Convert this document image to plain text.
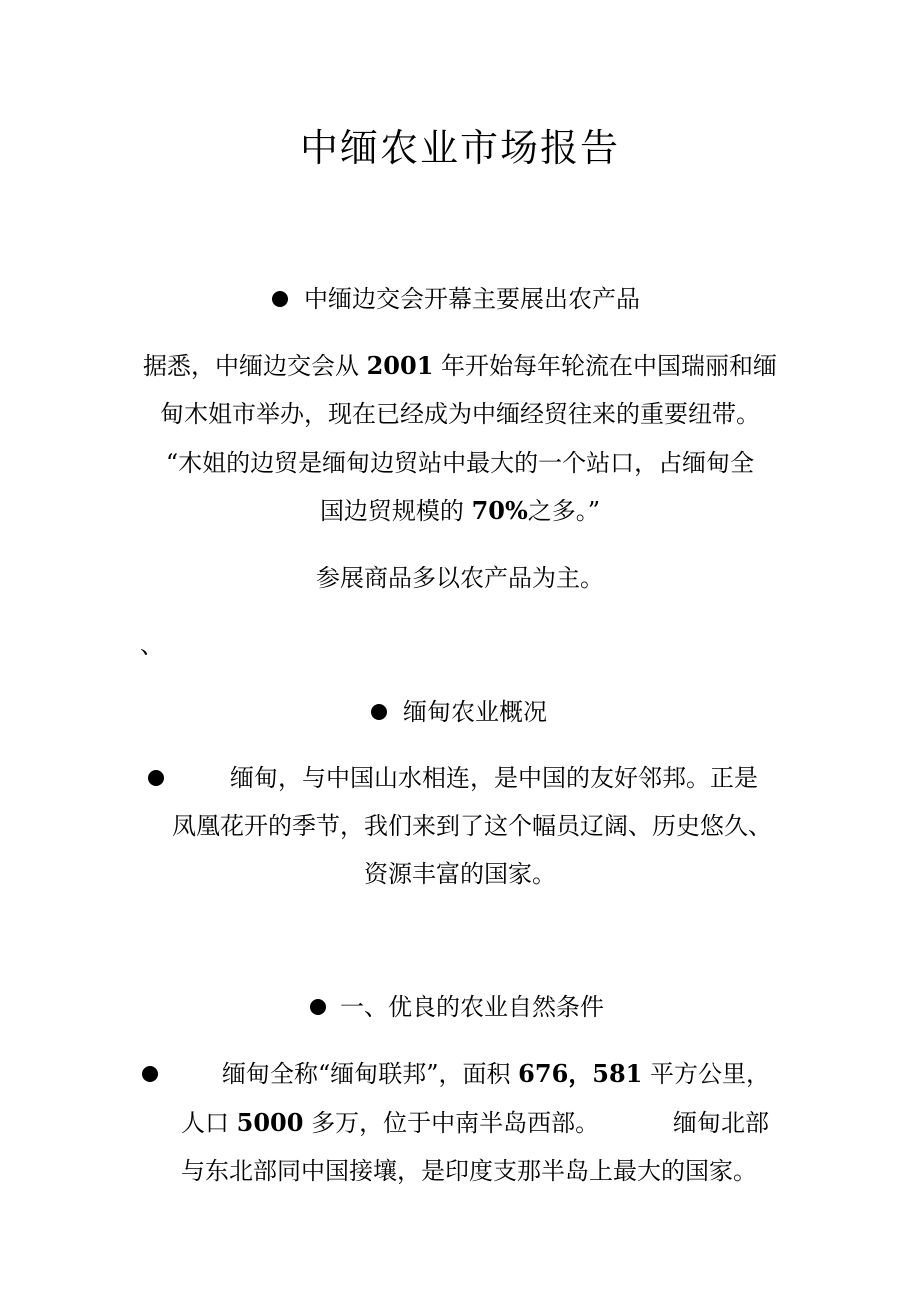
中缅农业市场报告
中缅边交会开幕主要展出农产品
据悉，中缅边交会从 2001 年开始每年轮流在中国瑞丽和缅
甸木姐市举办，现在已经成为中缅经贸往来的重要纽带。
“木姐的边贸是缅甸边贸站中最大的一个站口，占缅甸全
国边贸规模的 70%之多。”
参展商品多以农产品为主。
、
缅甸农业概况
缅甸，与中国山水相连，是中国的友好邻邦。正是
凤凰花开的季节，我们来到了这个幅员辽阔、历史悠久、
资源丰富的国家。
一、优良的农业自然条件
缅甸全称“缅甸联邦”，面积 676，581 平方公里，
人口 5000 多万，位于中南半岛西部。	缅甸北部
与东北部同中国接壤，是印度支那半岛上最大的国家。
